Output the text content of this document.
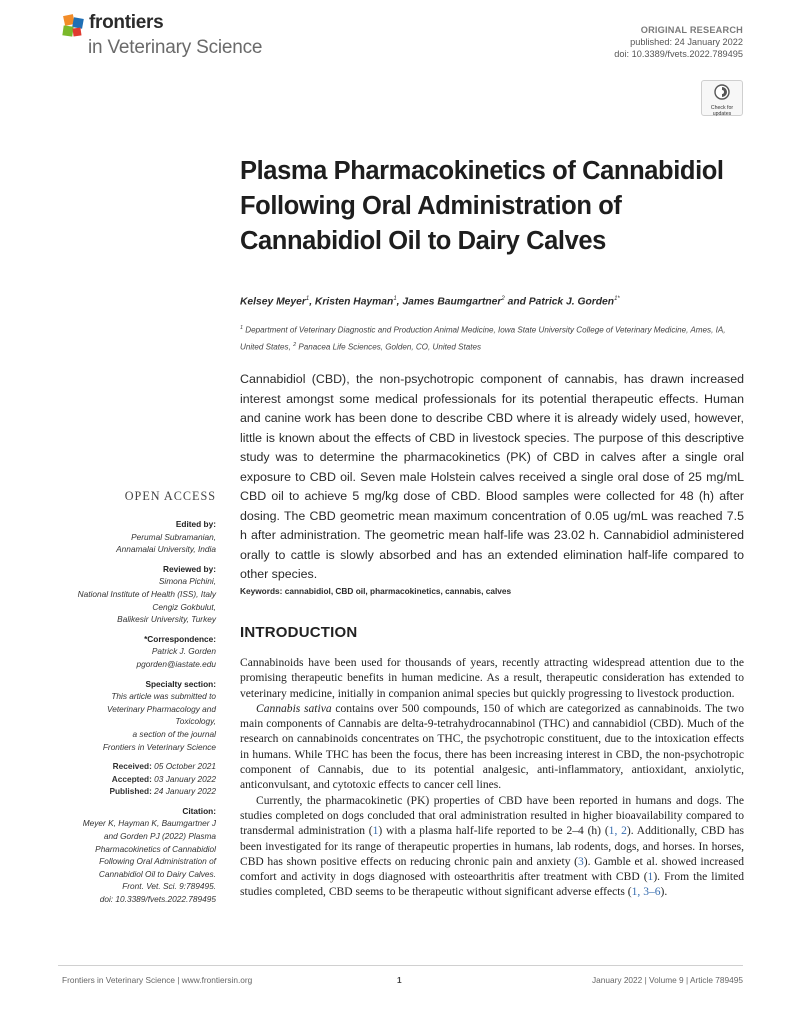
frontiers
in Veterinary Science
ORIGINAL RESEARCH
published: 24 January 2022
doi: 10.3389/fvets.2022.789495
Check for
updates
Plasma Pharmacokinetics of Cannabidiol Following Oral Administration of Cannabidiol Oil to Dairy Calves
Kelsey Meyer$^1$, Kristen Hayman$^1$, James Baumgartner$^2$ and Patrick J. Gorden$^{1*}$
$^1$ Department of Veterinary Diagnostic and Production Animal Medicine, Iowa State University College of Veterinary Medicine, Ames, IA, United States, $^2$ Panacea Life Sciences, Golden, CO, United States
Cannabidiol (CBD), the non-psychotropic component of cannabis, has drawn increased interest amongst some medical professionals for its potential therapeutic effects. Human and canine work has been done to describe CBD where it is already widely used, however, little is known about the effects of CBD in livestock species. The purpose of this descriptive study was to determine the pharmacokinetics (PK) of CBD in calves after a single oral exposure to CBD oil. Seven male Holstein calves received a single oral dose of 25 mg/mL CBD oil to achieve 5 mg/kg dose of CBD. Blood samples were collected for 48 (h) after dosing. The CBD geometric mean maximum concentration of 0.05 ug/mL was reached 7.5 h after administration. The geometric mean half-life was 23.02 h. Cannabidiol administered orally to cattle is slowly absorbed and has an extended elimination half-life compared to other species.
Keywords: cannabidiol, CBD oil, pharmacokinetics, cannabis, calves
INTRODUCTION

Cannabinoids have been used for thousands of years, recently attracting widespread attention due to the promising therapeutic benefits in human medicine. As a result, therapeutic consideration has extended to veterinary medicine, initially in companion animal species but quickly progressing to livestock production.

Cannabis sativa contains over 500 compounds, 150 of which are categorized as cannabinoids. The two main components of Cannabis are delta-9-tetrahydrocannabinol (THC) and cannabidiol (CBD). Much of the research on cannabinoids concentrates on THC, the psychotropic constituent, due to the intoxication effects in humans. While THC has been the focus, there has been increasing interest in CBD, the non-psychotropic component of Cannabis, due to its potential analgesic, anti-inflammatory, antioxidant, anxiolytic, anticonvulsant, and cytotoxic effects to cancer cell lines.

Currently, the pharmacokinetic (PK) properties of CBD have been reported in humans and dogs. The studies completed on dogs concluded that oral administration resulted in higher bioavailability compared to transdermal administration (1) with a plasma half-life reported to be 2–4 (h) (1, 2). Additionally, CBD has been investigated for its range of therapeutic properties in humans, lab rodents, dogs, and horses. In horses, CBD has shown positive effects on reducing chronic pain and anxiety (3). Gamble et al. showed increased comfort and activity in dogs diagnosed with osteoarthritis after treatment with CBD (1). From the limited studies completed, CBD seems to be therapeutic without significant adverse effects (1, 3–6).

OPEN ACCESS
Edited by:
Perumal Subramanian,
Annamalai University, India
Reviewed by:
Simona Pichini,
National Institute of Health (ISS), Italy
Cengiz Gokbulut,
Balikesir University, Turkey
*Correspondence:
Patrick J. Gorden
pgorden@iastate.edu
Specialty section:
This article was submitted to
Veterinary Pharmacology and
Toxicology,
a section of the journal
Frontiers in Veterinary Science
Received: 05 October 2021
Accepted: 03 January 2022
Published: 24 January 2022
Citation:
Meyer K, Hayman K, Baumgartner J
and Gorden PJ (2022) Plasma
Pharmacokinetics of Cannabidiol
Following Oral Administration of
Cannabidiol Oil to Dairy Calves.
Front. Vet. Sci. 9:789495.
doi: 10.3389/fvets.2022.789495
Frontiers in Veterinary Science | www.frontiersin.org	1	January 2022 | Volume 9 | Article 789495
